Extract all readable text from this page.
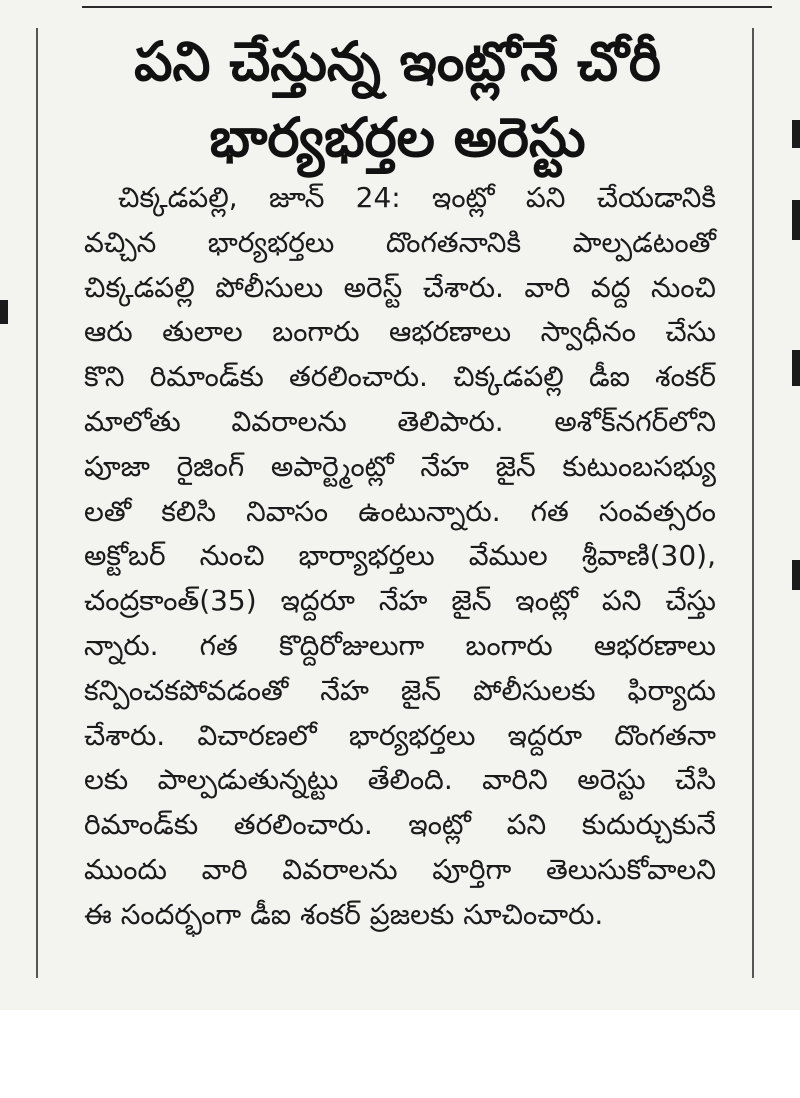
పని చేస్తున్న ఇంట్లోనే చోరీ
భార్యభర్తల అరెస్టు
చిక్కడపల్లి, జూన్ 24: ఇంట్లో పని చేయడానికి
వచ్చిన భార్యభర్తలు దొంగతనానికి పాల్పడటంతో
చిక్కడపల్లి పోలీసులు అరెస్ట్ చేశారు. వారి వద్ద నుంచి
ఆరు తులాల బంగారు ఆభరణాలు స్వాధీనం చేసు
కొని రిమాండ్‌కు తరలించారు. చిక్కడపల్లి డీఐ శంకర్
మాలోతు వివరాలను తెలిపారు. అశోక్‌నగర్‌లోని
పూజా రైజింగ్ అపార్ట్మెంట్లో నేహ జైన్ కుటుంబసభ్యు
లతో కలిసి నివాసం ఉంటున్నారు. గత సంవత్సరం
అక్టోబర్ నుంచి భార్యాభర్తలు వేముల శ్రీవాణి(30),
చంద్రకాంత్(35) ఇద్దరూ నేహ జైన్ ఇంట్లో పని చేస్తు
న్నారు. గత కొద్దిరోజులుగా బంగారు ఆభరణాలు
కన్పించకపోవడంతో నేహ జైన్ పోలీసులకు ఫిర్యాదు
చేశారు. విచారణలో భార్యభర్తలు ఇద్దరూ దొంగతనా
లకు పాల్పడుతున్నట్టు తేలింది. వారిని అరెస్టు చేసి
రిమాండ్‌కు తరలించారు. ఇంట్లో పని కుదుర్చుకునే
ముందు వారి వివరాలను పూర్తిగా తెలుసుకోవాలని
ఈ సందర్భంగా డీఐ శంకర్ ప్రజలకు సూచించారు.
